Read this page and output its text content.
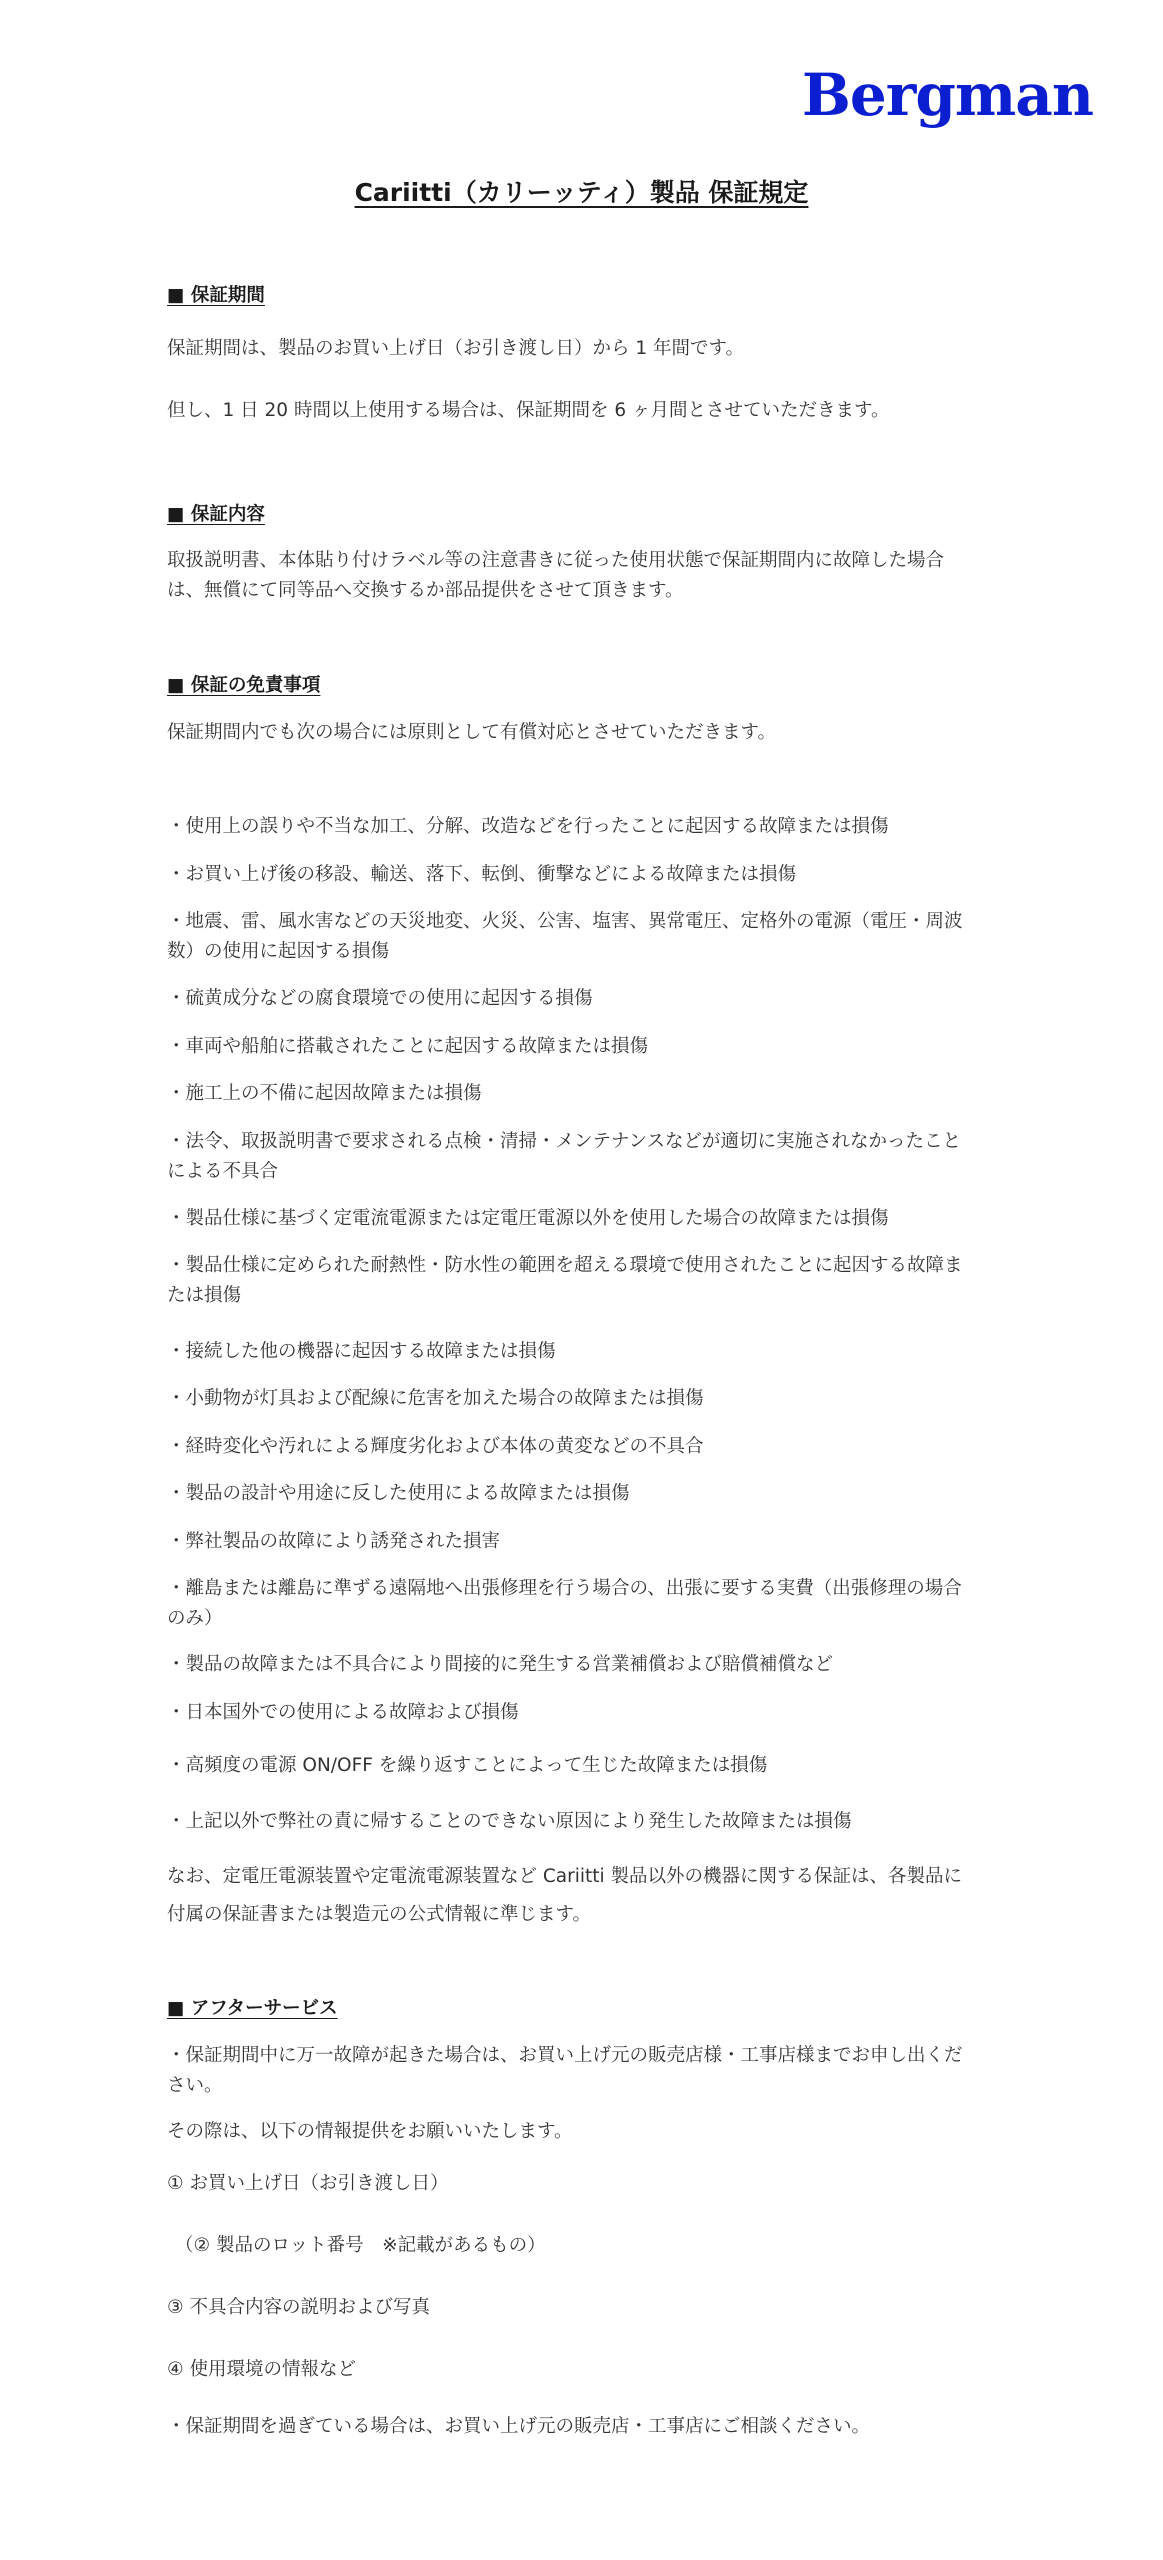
Bergman
Cariitti（カリーッティ）製品 保証規定

■ 保証期間

保証期間は、製品のお買い上げ日（お引き渡し日）から 1 年間です。

但し、1 日 20 時間以上使用する場合は、保証期間を 6 ヶ月間とさせていただきます。

■ 保証内容

取扱説明書、本体貼り付けラベル等の注意書きに従った使用状態で保証期間内に故障した場合は、無償にて同等品へ交換するか部品提供をさせて頂きます。

■ 保証の免責事項

保証期間内でも次の場合には原則として有償対応とさせていただきます。

・使用上の誤りや不当な加工、分解、改造などを行ったことに起因する故障または損傷

・お買い上げ後の移設、輸送、落下、転倒、衝撃などによる故障または損傷

・地震、雷、風水害などの天災地変、火災、公害、塩害、異常電圧、定格外の電源（電圧・周波数）の使用に起因する損傷

・硫黄成分などの腐食環境での使用に起因する損傷

・車両や船舶に搭載されたことに起因する故障または損傷

・施工上の不備に起因故障または損傷

・法令、取扱説明書で要求される点検・清掃・メンテナンスなどが適切に実施されなかったことによる不具合

・製品仕様に基づく定電流電源または定電圧電源以外を使用した場合の故障または損傷

・製品仕様に定められた耐熱性・防水性の範囲を超える環境で使用されたことに起因する故障または損傷

・接続した他の機器に起因する故障または損傷

・小動物が灯具および配線に危害を加えた場合の故障または損傷

・経時変化や汚れによる輝度劣化および本体の黄変などの不具合

・製品の設計や用途に反した使用による故障または損傷

・弊社製品の故障により誘発された損害

・離島または離島に準ずる遠隔地へ出張修理を行う場合の、出張に要する実費（出張修理の場合のみ）

・製品の故障または不具合により間接的に発生する営業補償および賠償補償など

・日本国外での使用による故障および損傷

・高頻度の電源 ON/OFF を繰り返すことによって生じた故障または損傷

・上記以外で弊社の責に帰することのできない原因により発生した故障または損傷

なお、定電圧電源装置や定電流電源装置など Cariitti 製品以外の機器に関する保証は、各製品に付属の保証書または製造元の公式情報に準じます。

■ アフターサービス

・保証期間中に万一故障が起きた場合は、お買い上げ元の販売店様・工事店様までお申し出ください。

その際は、以下の情報提供をお願いいたします。

① お買い上げ日（お引き渡し日）

（② 製品のロット番号　※記載があるもの）

③ 不具合内容の説明および写真

④ 使用環境の情報など

・保証期間を過ぎている場合は、お買い上げ元の販売店・工事店にご相談ください。
